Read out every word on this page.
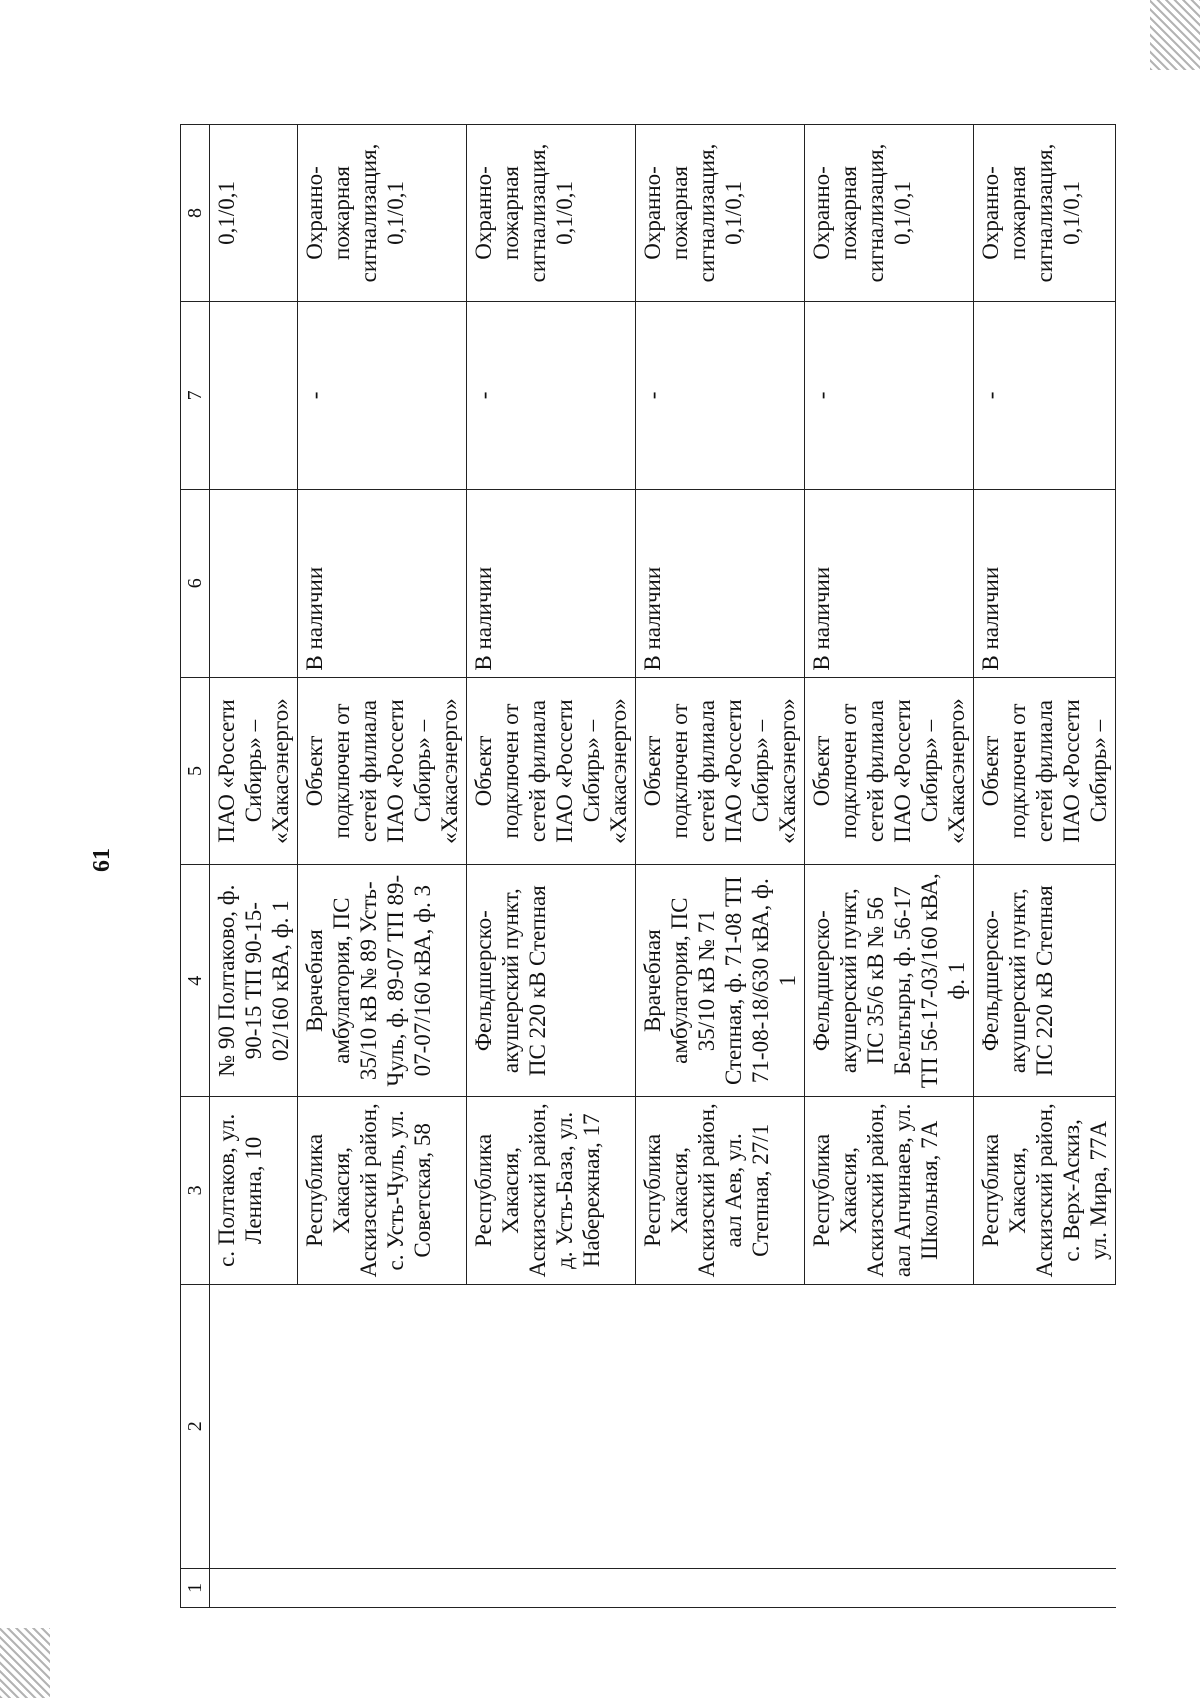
61
1	2	3	4	5	6	7	8
		с. Полтаков, ул. Ленина, 10	№ 90 Полтаково, ф. 90-15 ТП 90-15-02/160 кВА, ф. 1	ПАО «Россети Сибирь» – «Хакасэнерго»			0,1/0,1
		Республика Хакасия, Аскизский район, с. Усть-Чуль, ул. Советская, 58	Врачебная амбулатория, ПС 35/10 кВ № 89 Усть-Чуль, ф. 89-07 ТП 89-07-07/160 кВА, ф. 3	Объект подключен от сетей филиала ПАО «Россети Сибирь» – «Хакасэнерго»	В наличии	-	Охранно-пожарная сигнализация, 0,1/0,1
		Республика Хакасия, Аскизский район, д. Усть-База, ул. Набережная, 17	Фельдшерско-акушерский пункт, ПС 220 кВ Степная	Объект подключен от сетей филиала ПАО «Россети Сибирь» – «Хакасэнерго»	В наличии	-	Охранно-пожарная сигнализация, 0,1/0,1
		Республика Хакасия, Аскизский район, аал Аев, ул. Степная, 27/1	Врачебная амбулатория, ПС 35/10 кВ № 71 Степная, ф. 71-08 ТП 71-08-18/630 кВА, ф. 1	Объект подключен от сетей филиала ПАО «Россети Сибирь» – «Хакасэнерго»	В наличии	-	Охранно-пожарная сигнализация, 0,1/0,1
		Республика Хакасия, Аскизский район, аал Апчинаев, ул. Школьная, 7А	Фельдшерско-акушерский пункт, ПС 35/6 кВ № 56 Бельтыры, ф. 56-17 ТП 56-17-03/160 кВА, ф. 1	Объект подключен от сетей филиала ПАО «Россети Сибирь» – «Хакасэнерго»	В наличии	-	Охранно-пожарная сигнализация, 0,1/0,1
		Республика Хакасия, Аскизский район, с. Верх-Аскиз, ул. Мира, 77А	Фельдшерско-акушерский пункт, ПС 220 кВ Степная	Объект подключен от сетей филиала ПАО «Россети Сибирь» –	В наличии	-	Охранно-пожарная сигнализация, 0,1/0,1
